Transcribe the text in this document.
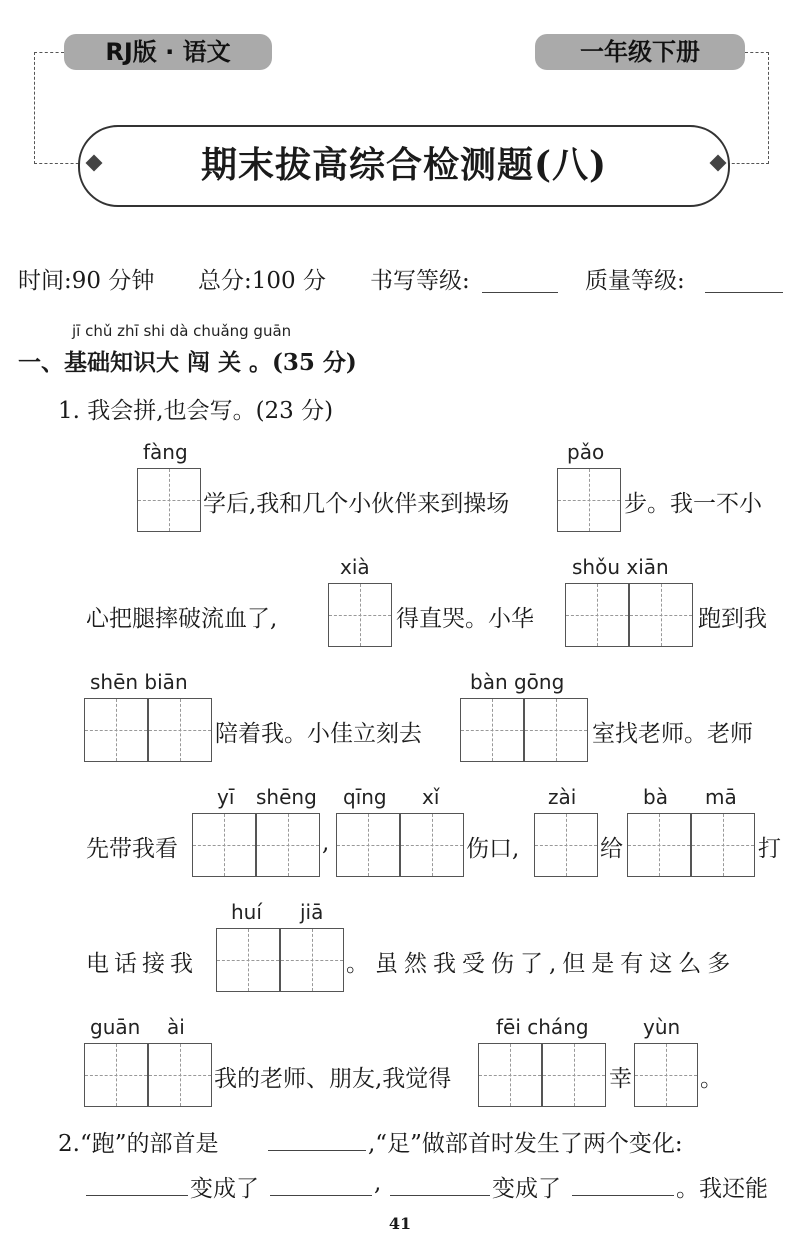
RJ版 · 语文	一年级下册
期末拔高综合检测题(八)
时间:90 分钟 总分:100 分 书写等级:	质量等级:
jī chǔ zhī shi dà chuǎng guān
一、基础知识大 闯 关 。(35 分)
1. 我会拼,也会写。(23 分)
fàng
学后,我和几个小伙伴来到操场
pǎo
步。我一不小
xià	shǒu xiān
心把腿摔破流血了,	得直哭。小华	跑到我
shēn biān	bàn gōng
陪着我。小佳立刻去	室找老师。老师
yī shēng qīng xǐ	zài	bà mā
先带我看	,	伤口,	给	打
huí jiā
电话接我	。虽然我受伤了,但是有这么多
guān ài	fēi cháng	yùn
我的老师、朋友,我觉得	幸	。
2.“跑”的部首是	,“足”做部首时发生了两个变化:
变成了	,	变成了	。我还能
41
